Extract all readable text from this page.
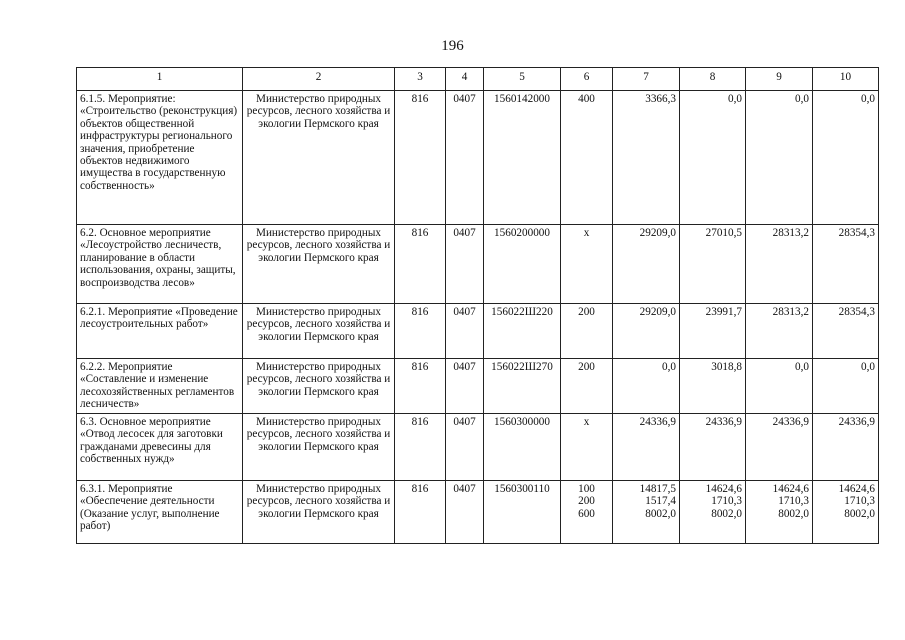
196
1	2	3	4	5	6	7	8	9	10
6.1.5. Мероприятие: «Строительство (реконструкция) объектов общественной инфраструктуры регионального значения, приобретение объектов недвижимого имущества в государственную собственность»	Министерство природных ресурсов, лесного хозяйства и экологии Пермского края	816	0407	1560142000	400	3366,3	0,0	0,0	0,0

6.2. Основное мероприятие «Лесоустройство лесничеств, планирование в области использования, охраны, защиты, воспроизводства лесов»	Министерство природных ресурсов, лесного хозяйства и экологии Пермского края	816	0407	1560200000	x	29209,0	27010,5	28313,2	28354,3

6.2.1. Мероприятие «Проведение лесоустроительных работ»	Министерство природных ресурсов, лесного хозяйства и экологии Пермского края	816	0407	156022Ш220	200	29209,0	23991,7	28313,2	28354,3

6.2.2. Мероприятие «Составление и изменение лесохозяйственных регламентов лесничеств»	Министерство природных ресурсов, лесного хозяйства и экологии Пермского края	816	0407	156022Ш270	200	0,0	3018,8	0,0	0,0

6.3. Основное мероприятие «Отвод лесосек для заготовки гражданами древесины для собственных нужд»	Министерство природных ресурсов, лесного хозяйства и экологии Пермского края	816	0407	1560300000	x	24336,9	24336,9	24336,9	24336,9

6.3.1. Мероприятие «Обеспечение деятельности (Оказание услуг, выполнение работ)	Министерство природных ресурсов, лесного хозяйства и экологии Пермского края	816	0407	1560300110	100
200
600	14817,5
1517,4
8002,0	14624,6
1710,3
8002,0	14624,6
1710,3
8002,0	14624,6
1710,3
8002,0
